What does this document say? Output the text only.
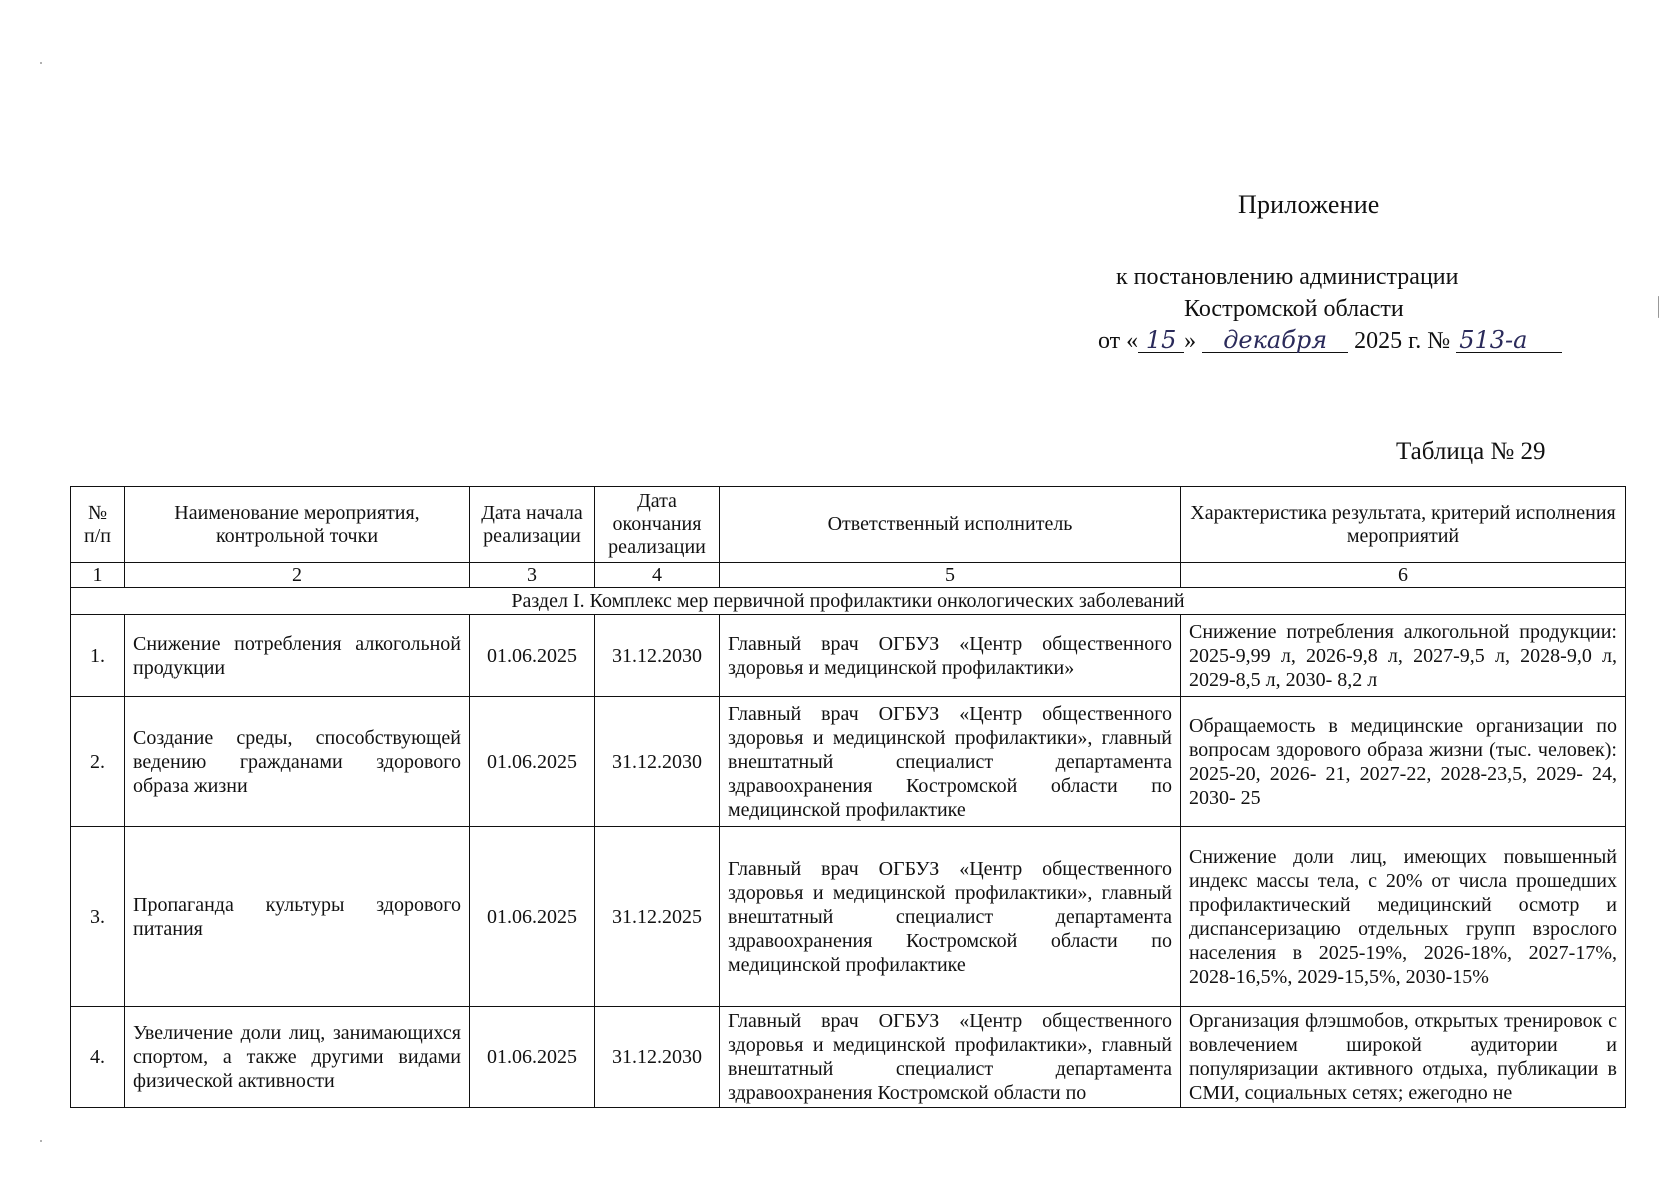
Приложение
к постановлению администрации
Костромской области
от « 15 » декабря 2025 г. № 513-а
Таблица № 29
№ п/п	Наименование мероприятия, контрольной точки	Дата начала реализации	Дата окончания реализации	Ответственный исполнитель	Характеристика результата, критерий исполнения мероприятий
1	2	3	4	5	6
Раздел I. Комплекс мер первичной профилактики онкологических заболеваний					
1.	Снижение потребления алкогольной продукции	01.06.2025	31.12.2030	Главный врач ОГБУЗ «Центр общественного здоровья и медицинской профилактики»	Снижение потребления алкогольной продукции: 2025-9,99 л, 2026-9,8 л, 2027-9,5 л, 2028-9,0 л, 2029-8,5 л, 2030- 8,2 л
2.	Создание среды, способствующей ведению гражданами здорового образа жизни	01.06.2025	31.12.2030	Главный врач ОГБУЗ «Центр общественного здоровья и медицинской профилактики», главный внештатный специалист департамента здравоохранения Костромской области по медицинской профилактике	Обращаемость в медицинские организации по вопросам здорового образа жизни (тыс. человек): 2025-20, 2026- 21, 2027-22, 2028-23,5, 2029- 24, 2030- 25
3.	Пропаганда культуры здорового питания	01.06.2025	31.12.2025	Главный врач ОГБУЗ «Центр общественного здоровья и медицинской профилактики», главный внештатный специалист департамента здравоохранения Костромской области по медицинской профилактике	Снижение доли лиц, имеющих повышенный индекс массы тела, с 20% от числа прошедших профилактический медицинский осмотр и диспансеризацию отдельных групп взрослого населения в 2025-19%, 2026-18%, 2027-17%, 2028-16,5%, 2029-15,5%, 2030-15%
4.	Увеличение доли лиц, занимающихся спортом, а также другими видами физической активности	01.06.2025	31.12.2030	Главный врач ОГБУЗ «Центр общественного здоровья и медицинской профилактики», главный внештатный специалист департамента здравоохранения Костромской области по	Организация флэшмобов, открытых тренировок с вовлечением широкой аудитории и популяризации активного отдыха, публикации в СМИ, социальных сетях; ежегодно не
